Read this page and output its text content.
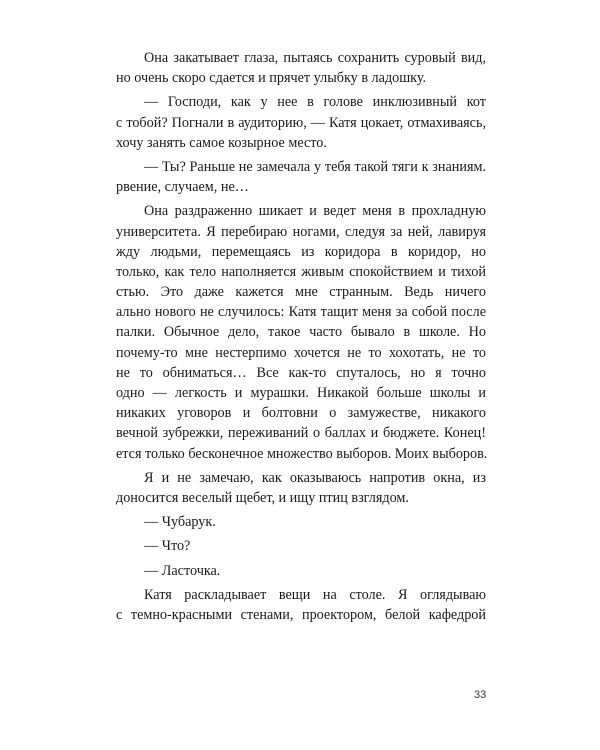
Она закатывает глаза, пытаясь сохранить суровый вид,
но очень скоро сдается и прячет улыбку в ладошку.
— Господи, как у нее в голове инклюзивный кот
с тобой? Погнали в аудиторию, — Катя цокает, отмахиваясь,
хочу занять самое козырное место.
— Ты? Раньше не замечала у тебя такой тяги к знаниям.
рвение, случаем, не…
Она раздраженно шикает и ведет меня в прохладную
университета. Я перебираю ногами, следуя за ней, лавируя
жду людьми, перемещаясь из коридора в коридор, но
только, как тело наполняется живым спокойствием и тихой
стью. Это даже кажется мне странным. Ведь ничего
ально нового не случилось: Катя тащит меня за собой после
палки. Обычное дело, такое часто бывало в школе. Но
почему-то мне нестерпимо хочется не то хохотать, не то
не то обниматься… Все как-то спуталось, но я точно
одно — легкость и мурашки. Никакой больше школы и
никаких уговоров и болтовни о замужестве, никакого
вечной зубрежки, переживаний о баллах и бюджете. Конец!
ется только бесконечное множество выборов. Моих выборов.
Я и не замечаю, как оказываюсь напротив окна, из
доносится веселый щебет, и ищу птиц взглядом.
— Чубарук.
— Что?
— Ласточка.
Катя раскладывает вещи на столе. Я оглядываю
с темно-красными стенами, проектором, белой кафедрой
33
